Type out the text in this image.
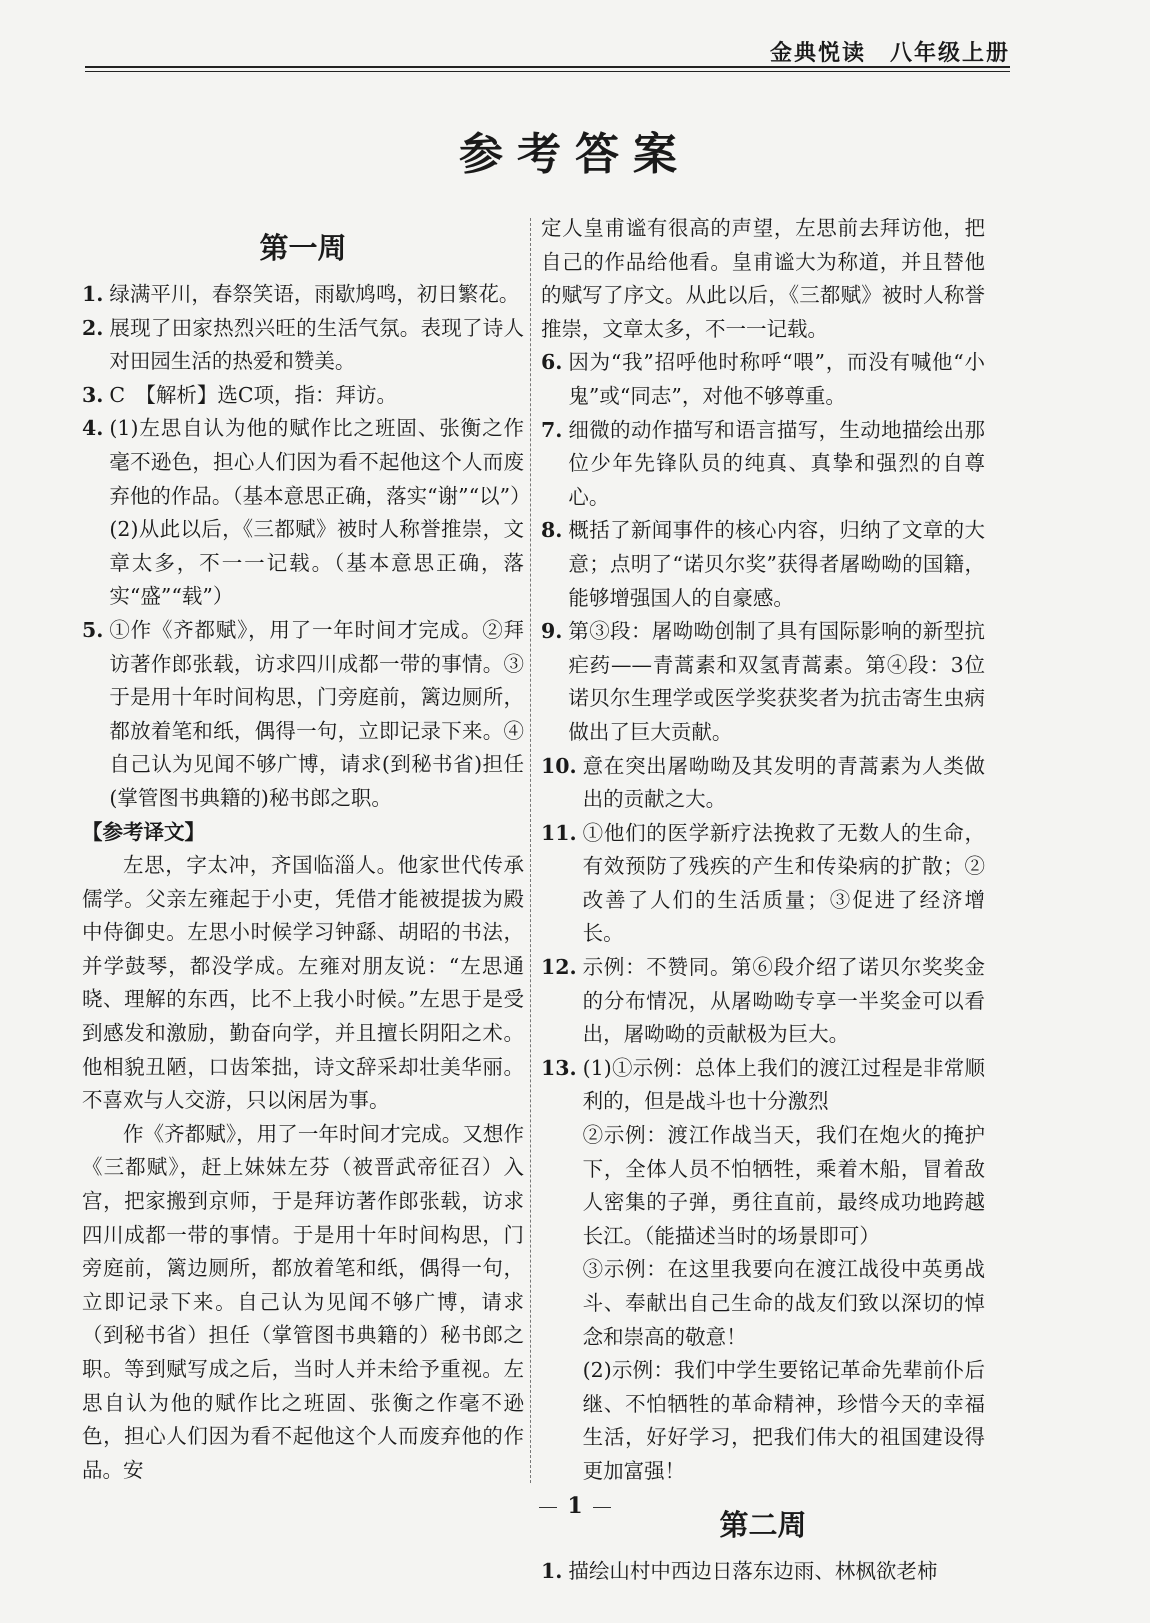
金典悦读　八年级上册
参考答案
第一周
1. 绿满平川，春祭笑语，雨歇鸠鸣，初日繁花。
2. 展现了田家热烈兴旺的生活气氛。表现了诗人对田园生活的热爱和赞美。
3. C　【解析】选C项，指：拜访。
4. (1)左思自认为他的赋作比之班固、张衡之作毫不逊色，担心人们因为看不起他这个人而废弃他的作品。（基本意思正确，落实“谢”“以”）
(2)从此以后，《三都赋》被时人称誉推崇，文章太多，不一一记载。（基本意思正确，落实“盛”“载”）
5. ①作《齐都赋》，用了一年时间才完成。②拜访著作郎张载，访求四川成都一带的事情。③于是用十年时间构思，门旁庭前，篱边厕所，都放着笔和纸，偶得一句，立即记录下来。④自己认为见闻不够广博，请求(到秘书省)担任(掌管图书典籍的)秘书郎之职。
【参考译文】
左思，字太冲，齐国临淄人。他家世代传承儒学。父亲左雍起于小吏，凭借才能被提拔为殿中侍御史。左思小时候学习钟繇、胡昭的书法，并学鼓琴，都没学成。左雍对朋友说：“左思通晓、理解的东西，比不上我小时候。”左思于是受到感发和激励，勤奋向学，并且擅长阴阳之术。他相貌丑陋，口齿笨拙，诗文辞采却壮美华丽。不喜欢与人交游，只以闲居为事。
作《齐都赋》，用了一年时间才完成。又想作《三都赋》，赶上妹妹左芬（被晋武帝征召）入宫，把家搬到京师，于是拜访著作郎张载，访求四川成都一带的事情。于是用十年时间构思，门旁庭前，篱边厕所，都放着笔和纸，偶得一句，立即记录下来。自己认为见闻不够广博，请求（到秘书省）担任（掌管图书典籍的）秘书郎之职。等到赋写成之后，当时人并未给予重视。左思自认为他的赋作比之班固、张衡之作毫不逊色，担心人们因为看不起他这个人而废弃他的作品。安
定人皇甫谧有很高的声望，左思前去拜访他，把自己的作品给他看。皇甫谧大为称道，并且替他的赋写了序文。从此以后，《三都赋》被时人称誉推崇，文章太多，不一一记载。
6. 因为“我”招呼他时称呼“喂”，而没有喊他“小鬼”或“同志”，对他不够尊重。
7. 细微的动作描写和语言描写，生动地描绘出那位少年先锋队员的纯真、真挚和强烈的自尊心。
8. 概括了新闻事件的核心内容，归纳了文章的大意；点明了“诺贝尔奖”获得者屠呦呦的国籍，能够增强国人的自豪感。
9. 第③段：屠呦呦创制了具有国际影响的新型抗疟药——青蒿素和双氢青蒿素。第④段：3位诺贝尔生理学或医学奖获奖者为抗击寄生虫病做出了巨大贡献。
10. 意在突出屠呦呦及其发明的青蒿素为人类做出的贡献之大。
11. ①他们的医学新疗法挽救了无数人的生命，有效预防了残疾的产生和传染病的扩散；②改善了人们的生活质量；③促进了经济增长。
12. 示例：不赞同。第⑥段介绍了诺贝尔奖奖金的分布情况，从屠呦呦专享一半奖金可以看出，屠呦呦的贡献极为巨大。
13. (1)①示例：总体上我们的渡江过程是非常顺利的，但是战斗也十分激烈
②示例：渡江作战当天，我们在炮火的掩护下，全体人员不怕牺牲，乘着木船，冒着敌人密集的子弹，勇往直前，最终成功地跨越长江。（能描述当时的场景即可）
③示例：在这里我要向在渡江战役中英勇战斗、奉献出自己生命的战友们致以深切的悼念和崇高的敬意！
(2)示例：我们中学生要铭记革命先辈前仆后继、不怕牺牲的革命精神，珍惜今天的幸福生活，好好学习，把我们伟大的祖国建设得更加富强！
第二周
1. 描绘山村中西边日落东边雨、林枫欲老柿
1
